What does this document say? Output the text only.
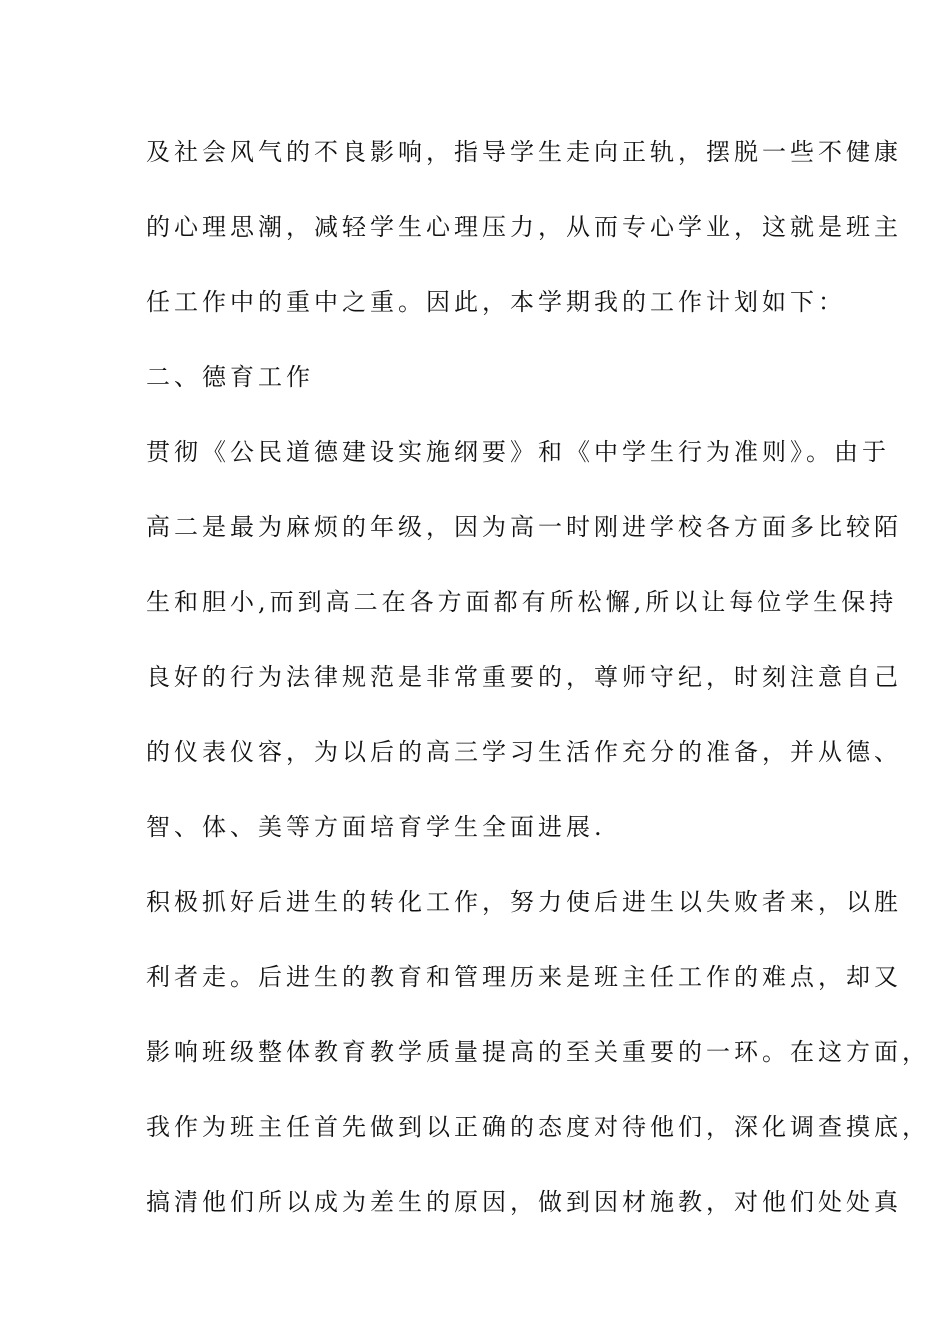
及社会风气的不良影响，指导学生走向正轨，摆脱一些不健康
的心理思潮，减轻学生心理压力，从而专心学业，这就是班主
任工作中的重中之重。因此，本学期我的工作计划如下：
二、德育工作
贯彻《公民道德建设实施纲要》和《中学生行为准则》。由于
高二是最为麻烦的年级，因为高一时刚进学校各方面多比较陌
生和胆小,而到高二在各方面都有所松懈,所以让每位学生保持
良好的行为法律规范是非常重要的，尊师守纪，时刻注意自己
的仪表仪容，为以后的高三学习生活作充分的准备，并从德、
智、体、美等方面培育学生全面进展.
积极抓好后进生的转化工作，努力使后进生以失败者来，以胜
利者走。后进生的教育和管理历来是班主任工作的难点，却又
影响班级整体教育教学质量提高的至关重要的一环。在这方面，
我作为班主任首先做到以正确的态度对待他们，深化调查摸底，
搞清他们所以成为差生的原因，做到因材施教，对他们处处真
